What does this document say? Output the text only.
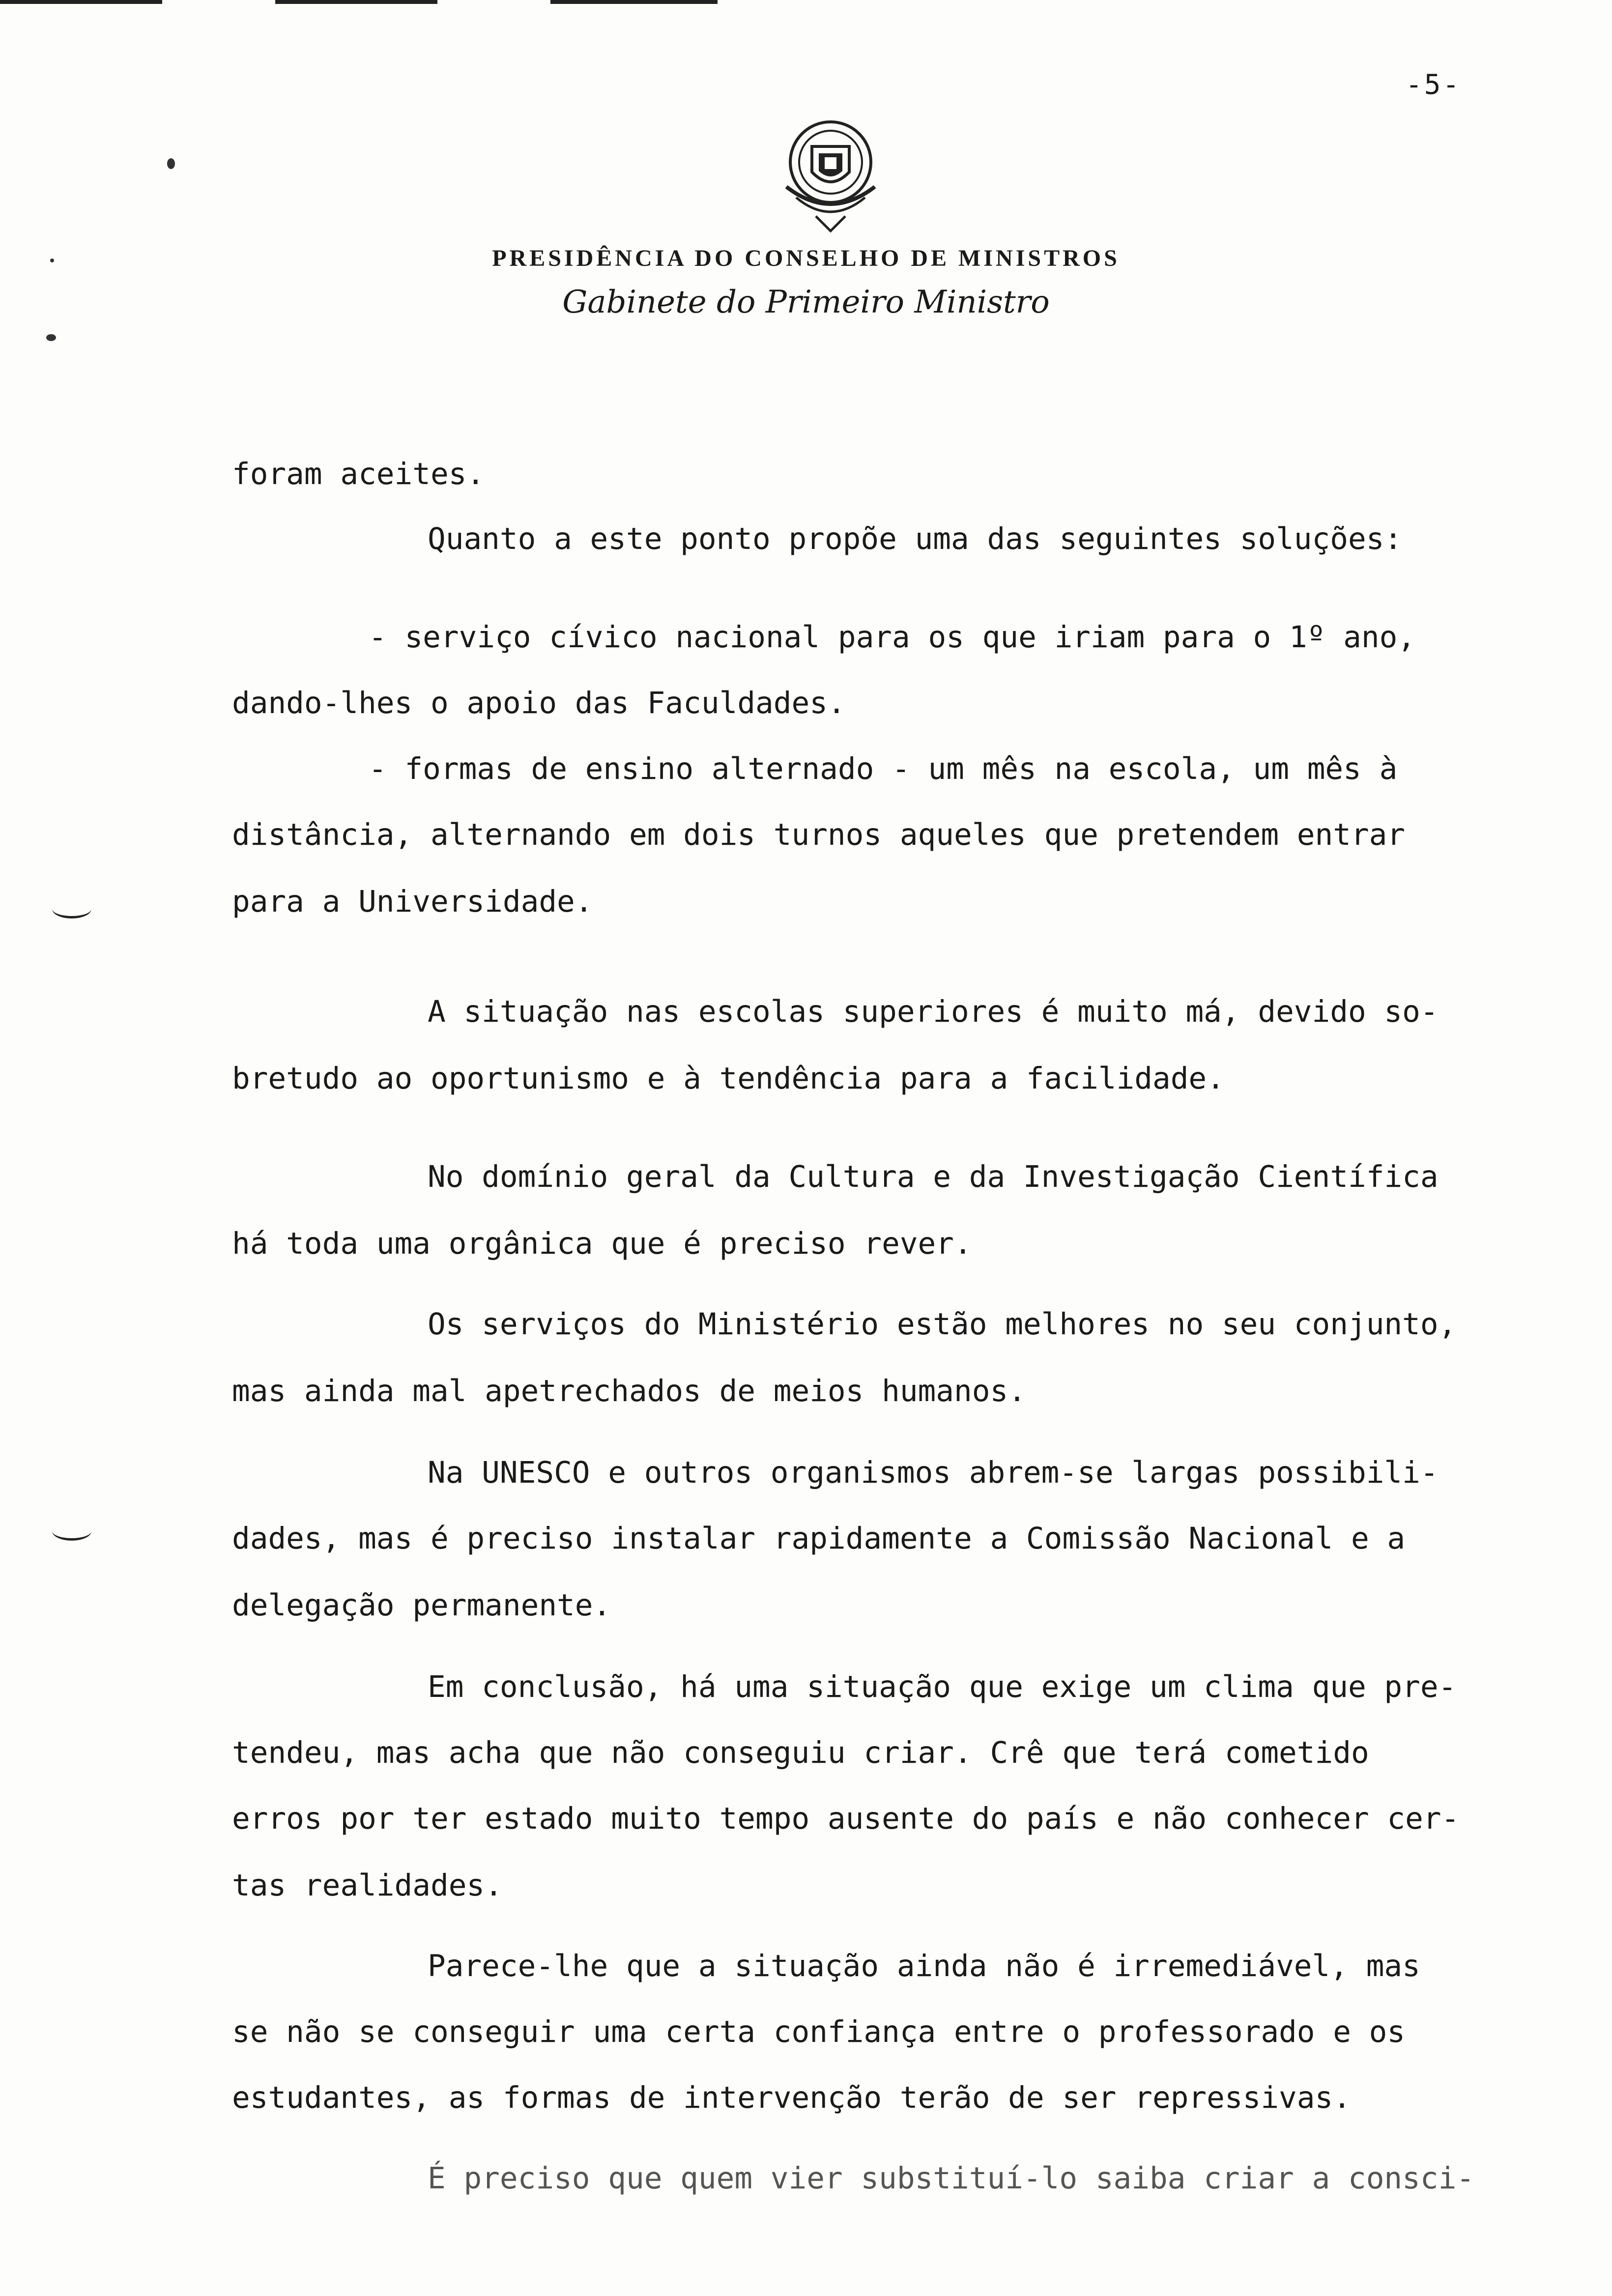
-5-
PRESIDÊNCIA DO CONSELHO DE MINISTROS
Gabinete do Primeiro Ministro
foram aceites.
Quanto a este ponto propõe uma das seguintes soluções:
- serviço cívico nacional para os que iriam para o 1º ano,
dando-lhes o apoio das Faculdades.
- formas de ensino alternado - um mês na escola, um mês à
distância, alternando em dois turnos aqueles que pretendem entrar
para a Universidade.
A situação nas escolas superiores é muito má, devido so-
bretudo ao oportunismo e à tendência para a facilidade.
No domínio geral da Cultura e da Investigação Científica
há toda uma orgânica que é preciso rever.
Os serviços do Ministério estão melhores no seu conjunto,
mas ainda mal apetrechados de meios humanos.
Na UNESCO e outros organismos abrem-se largas possibili-
dades, mas é preciso instalar rapidamente a Comissão Nacional e a
delegação permanente.
Em conclusão, há uma situação que exige um clima que pre-
tendeu, mas acha que não conseguiu criar. Crê que terá cometido
erros por ter estado muito tempo ausente do país e não conhecer cer-
tas realidades.
Parece-lhe que a situação ainda não é irremediável, mas
se não se conseguir uma certa confiança entre o professorado e os
estudantes, as formas de intervenção terão de ser repressivas.
É preciso que quem vier substituí-lo saiba criar a consci-
